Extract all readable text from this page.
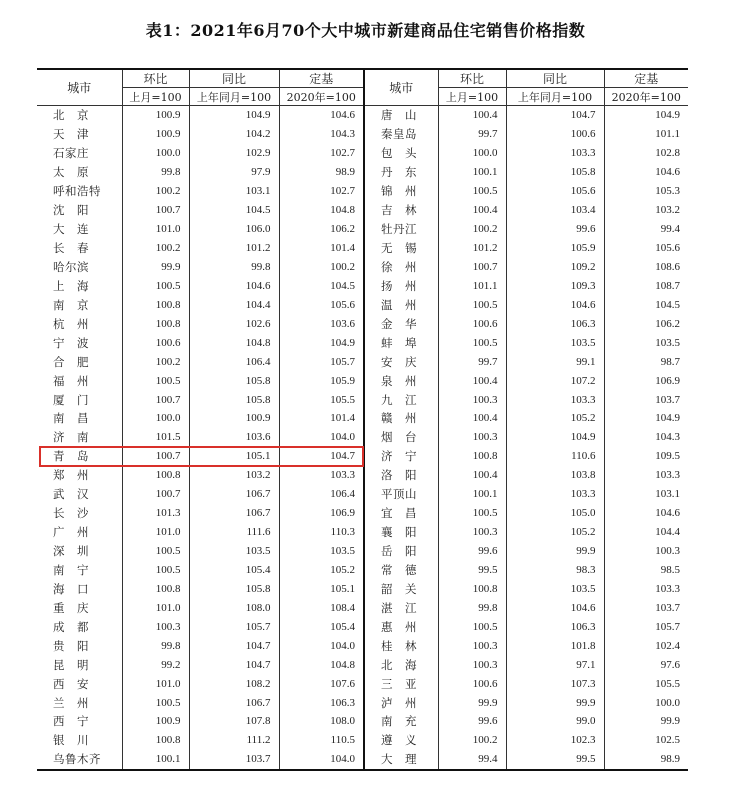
表1：2021年6月70个大中城市新建商品住宅销售价格指数
城市	环比	同比	定基	城市	环比	同比	定基
	上月=100	上年同月=100	2020年=100		上月=100	上年同月=100	2020年=100
北　京	100.9	104.9	104.6	唐　山	100.4	104.7	104.9
天　津	100.9	104.2	104.3	秦皇岛	99.7	100.6	101.1
石家庄	100.0	102.9	102.7	包　头	100.0	103.3	102.8
太　原	99.8	97.9	98.9	丹　东	100.1	105.8	104.6
呼和浩特	100.2	103.1	102.7	锦　州	100.5	105.6	105.3
沈　阳	100.7	104.5	104.8	吉　林	100.4	103.4	103.2
大　连	101.0	106.0	106.2	牡丹江	100.2	99.6	99.4
长　春	100.2	101.2	101.4	无　锡	101.2	105.9	105.6
哈尔滨	99.9	99.8	100.2	徐　州	100.7	109.2	108.6
上　海	100.5	104.6	104.5	扬　州	101.1	109.3	108.7
南　京	100.8	104.4	105.6	温　州	100.5	104.6	104.5
杭　州	100.8	102.6	103.6	金　华	100.6	106.3	106.2
宁　波	100.6	104.8	104.9	蚌　埠	100.5	103.5	103.5
合　肥	100.2	106.4	105.7	安　庆	99.7	99.1	98.7
福　州	100.5	105.8	105.9	泉　州	100.4	107.2	106.9
厦　门	100.7	105.8	105.5	九　江	100.3	103.3	103.7
南　昌	100.0	100.9	101.4	赣　州	100.4	105.2	104.9
济　南	101.5	103.6	104.0	烟　台	100.3	104.9	104.3
青　岛	100.7	105.1	104.7	济　宁	100.8	110.6	109.5
郑　州	100.8	103.2	103.3	洛　阳	100.4	103.8	103.3
武　汉	100.7	106.7	106.4	平顶山	100.1	103.3	103.1
长　沙	101.3	106.7	106.9	宜　昌	100.5	105.0	104.6
广　州	101.0	111.6	110.3	襄　阳	100.3	105.2	104.4
深　圳	100.5	103.5	103.5	岳　阳	99.6	99.9	100.3
南　宁	100.5	105.4	105.2	常　德	99.5	98.3	98.5
海　口	100.8	105.8	105.1	韶　关	100.8	103.5	103.3
重　庆	101.0	108.0	108.4	湛　江	99.8	104.6	103.7
成　都	100.3	105.7	105.4	惠　州	100.5	106.3	105.7
贵　阳	99.8	104.7	104.0	桂　林	100.3	101.8	102.4
昆　明	99.2	104.7	104.8	北　海	100.3	97.1	97.6
西　安	101.0	108.2	107.6	三　亚	100.6	107.3	105.5
兰　州	100.5	106.7	106.3	泸　州	99.9	99.9	100.0
西　宁	100.9	107.8	108.0	南　充	99.6	99.0	99.9
银　川	100.8	111.2	110.5	遵　义	100.2	102.3	102.5
乌鲁木齐	100.1	103.7	104.0	大　理	99.4	99.5	98.9
